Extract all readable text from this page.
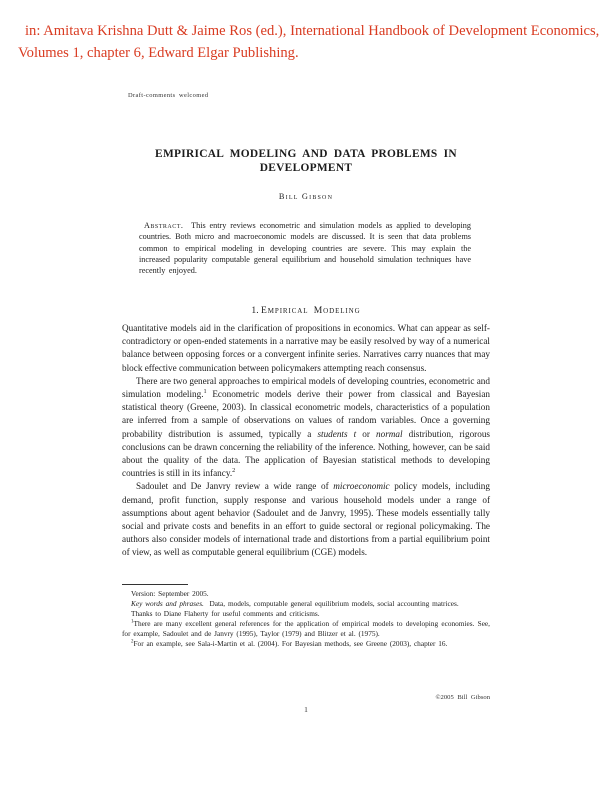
in: Amitava Krishna Dutt & Jaime Ros (ed.), International Handbook of Development Economics,
Volumes 1, chapter 6, Edward Elgar Publishing.
Draft-comments welcomed
EMPIRICAL MODELING AND DATA PROBLEMS IN
DEVELOPMENT
Bill Gibson
Abstract.  This entry reviews econometric and simulation models as applied to developing countries. Both micro and macroeconomic models are discussed. It is seen that data problems common to empirical modeling in developing countries are severe. This may explain the increased popularity computable general equilibrium and household simulation techniques have recently enjoyed.
1. Empirical Modeling

Quantitative models aid in the clarification of propositions in economics. What can appear as self-contradictory or open-ended statements in a narrative may be easily resolved by way of a numerical balance between opposing forces or a convergent infinite series. Narratives carry nuances that may block effective communication between policymakers attempting reach consensus.

There are two general approaches to empirical models of developing countries, econometric and simulation modeling.$^1$ Econometric models derive their power from classical and Bayesian statistical theory (Greene, 2003). In classical econometric models, characteristics of a population are inferred from a sample of observations on values of random variables. Once a governing probability distribution is assumed, typically a students t or normal distribution, rigorous conclusions can be drawn concerning the reliability of the inference. Nothing, however, can be said about the quality of the data. The application of Bayesian statistical methods to developing countries is still in its infancy.$^2$

Sadoulet and De Janvry review a wide range of microeconomic policy models, including demand, profit function, supply response and various household models under a range of assumptions about agent behavior (Sadoulet and de Janvry, 1995). These models essentially tally social and private costs and benefits in an effort to guide sectoral or regional policymaking. The authors also consider models of international trade and distortions from a partial equilibrium point of view, as well as computable general equilibrium (CGE) models.

Version: September 2005.

Key words and phrases.  Data, models, computable general equilibrium models, social accounting matrices.

Thanks to Diane Flaherty for useful comments and criticisms.

$^1$There are many excellent general references for the application of empirical models to developing economies. See, for example, Sadoulet and de Janvry (1995), Taylor (1979) and Blitzer et al. (1975).

$^2$For an example, see Sala-i-Martin et al. (2004). For Bayesian methods, see Greene (2003), chapter 16.

©2005 Bill Gibson
1
